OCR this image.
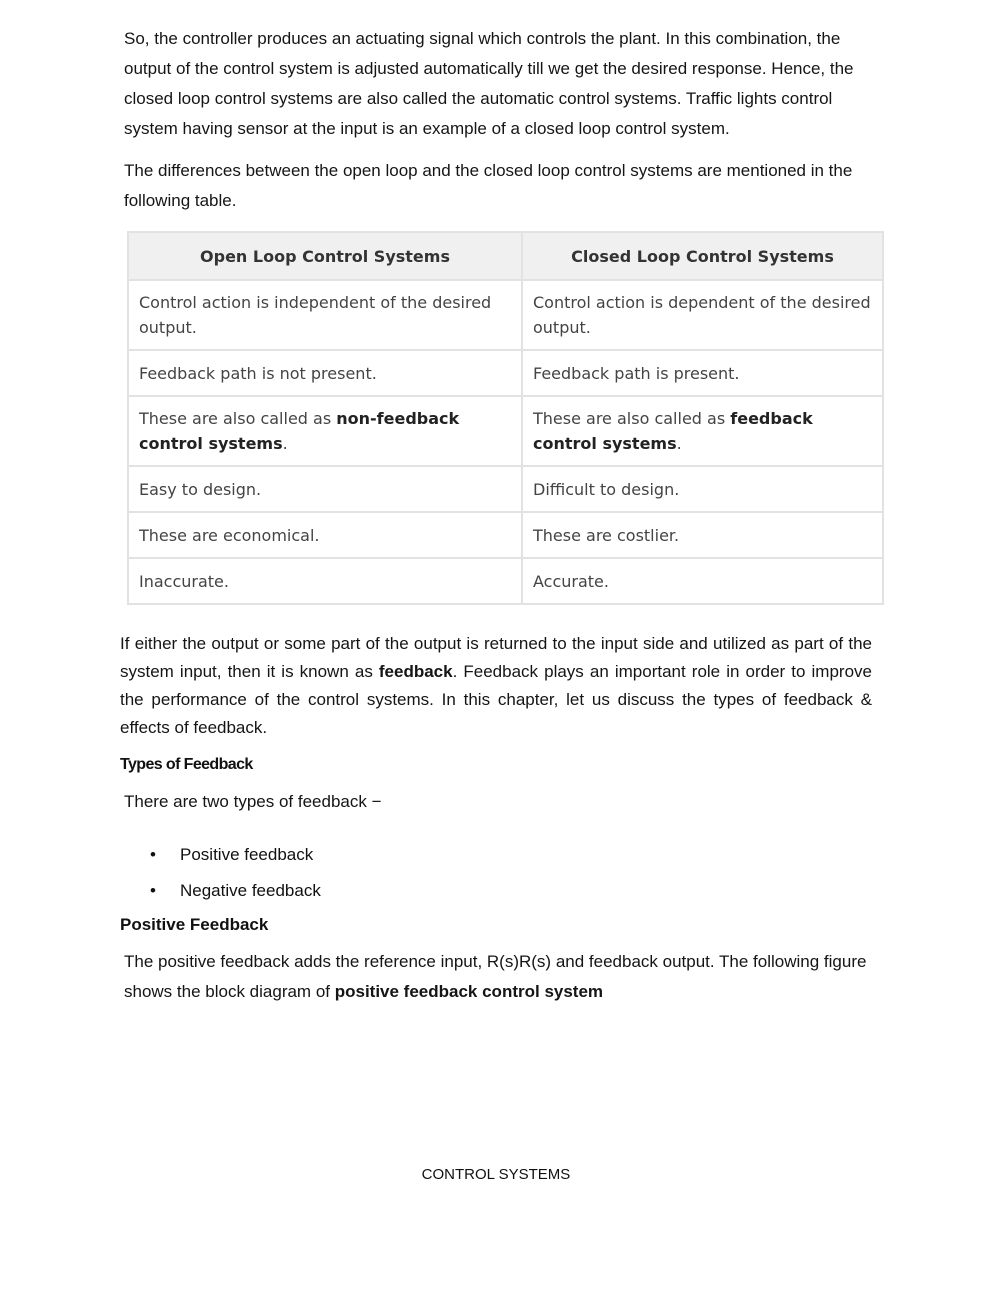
So, the controller produces an actuating signal which controls the plant. In this combination, the output of the control system is adjusted automatically till we get the desired response. Hence, the closed loop control systems are also called the automatic control systems. Traffic lights control system having sensor at the input is an example of a closed loop control system.

The differences between the open loop and the closed loop control systems are mentioned in the following table.

Open Loop Control Systems	Closed Loop Control Systems
Control action is independent of the desired output.	Control action is dependent of the desired output.
Feedback path is not present.	Feedback path is present.
These are also called as non-feedback control systems.	These are also called as feedback control systems.
Easy to design.	Difficult to design.
These are economical.	These are costlier.
Inaccurate.	Accurate.

If either the output or some part of the output is returned to the input side and utilized as part of the system input, then it is known as feedback. Feedback plays an important role in order to improve the performance of the control systems. In this chapter, let us discuss the types of feedback & effects of feedback.

Types of Feedback

There are two types of feedback −

• Positive feedback
• Negative feedback
Positive Feedback

The positive feedback adds the reference input, R(s)R(s) and feedback output. The following figure shows the block diagram of positive feedback control system

CONTROL SYSTEMS
